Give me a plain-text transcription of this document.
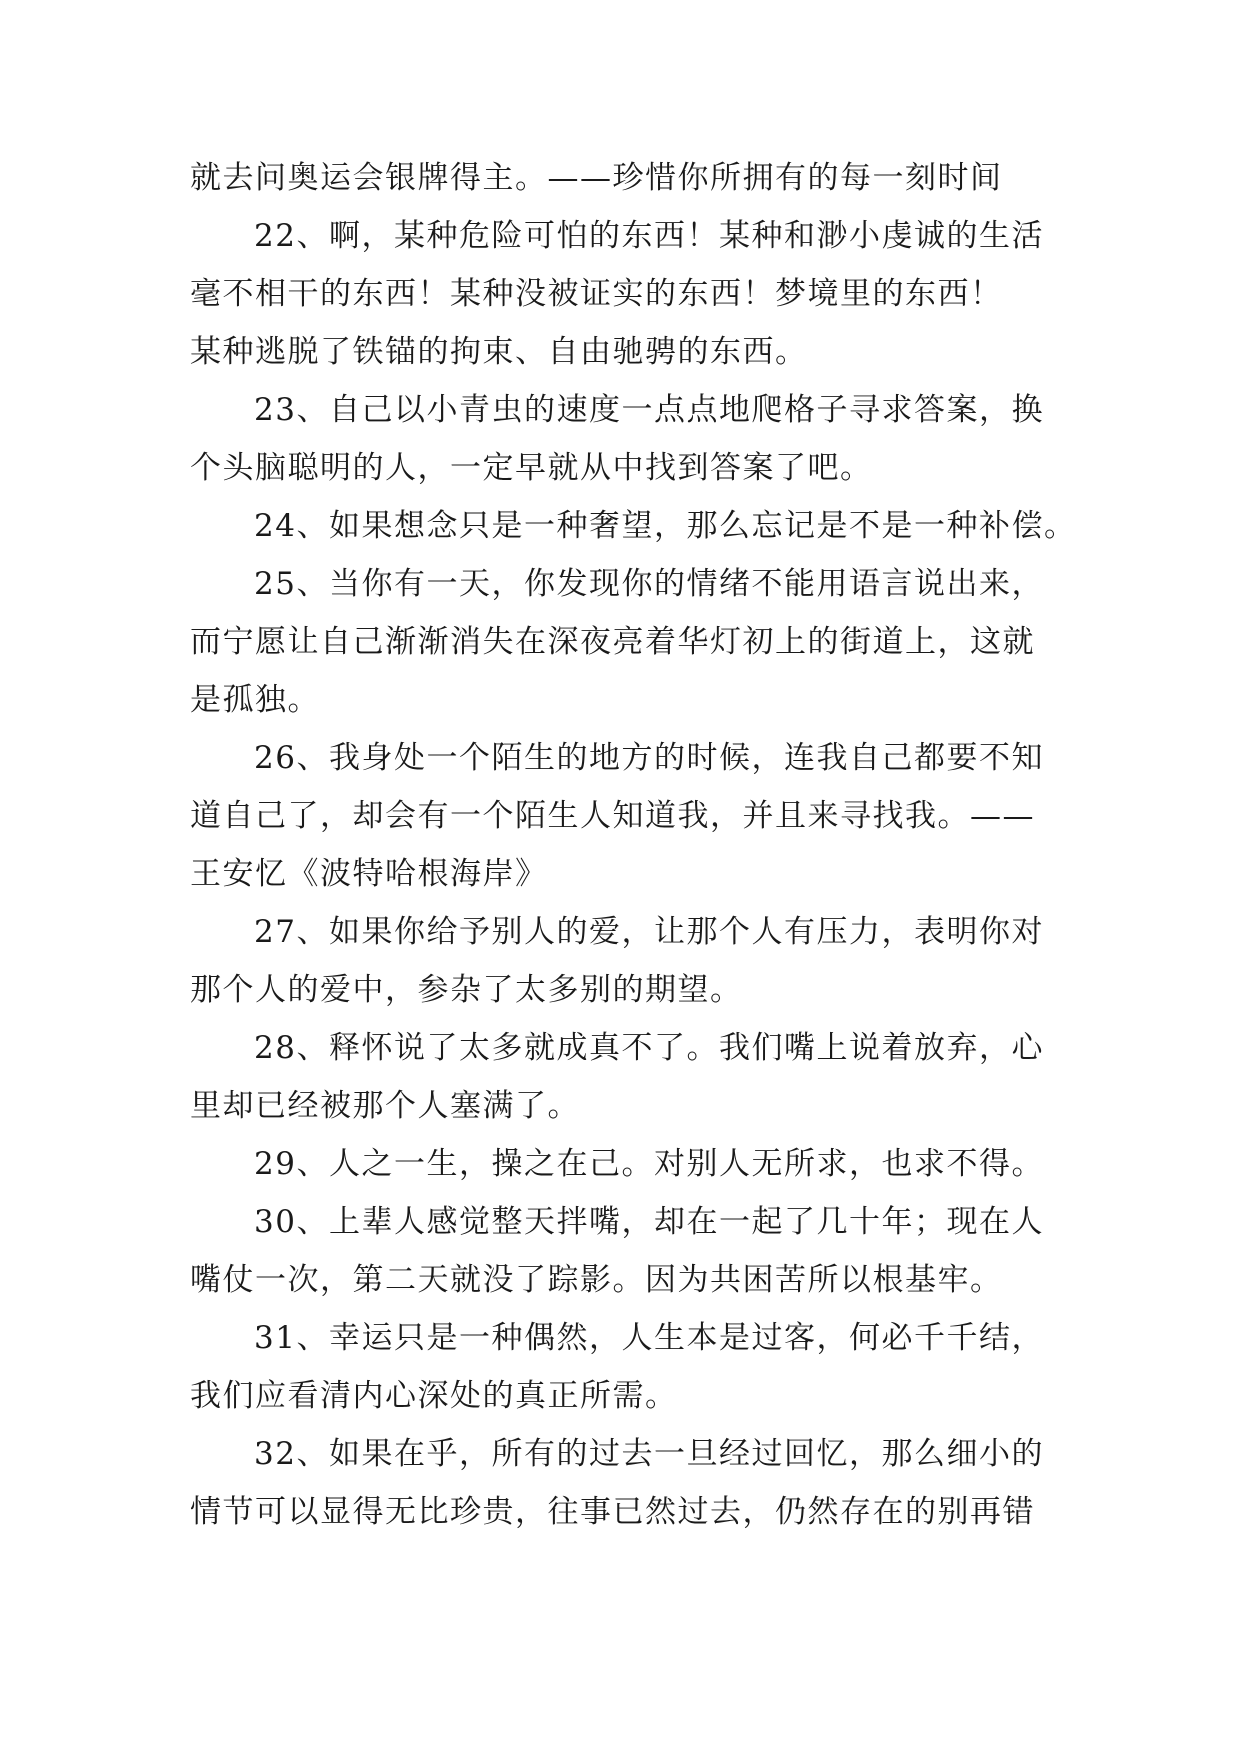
就去问奥运会银牌得主。——珍惜你所拥有的每一刻时间
22、啊，某种危险可怕的东西！某种和渺小虔诚的生活
毫不相干的东西！某种没被证实的东西！梦境里的东西！
某种逃脱了铁锚的拘束、自由驰骋的东西。
23、自己以小青虫的速度一点点地爬格子寻求答案，换
个头脑聪明的人，一定早就从中找到答案了吧。
24、如果想念只是一种奢望，那么忘记是不是一种补偿。
25、当你有一天，你发现你的情绪不能用语言说出来，
而宁愿让自己渐渐消失在深夜亮着华灯初上的街道上，这就
是孤独。
26、我身处一个陌生的地方的时候，连我自己都要不知
道自己了，却会有一个陌生人知道我，并且来寻找我。——
王安忆《波特哈根海岸》
27、如果你给予别人的爱，让那个人有压力，表明你对
那个人的爱中，参杂了太多别的期望。
28、释怀说了太多就成真不了。我们嘴上说着放弃，心
里却已经被那个人塞满了。
29、人之一生，操之在己。对别人无所求，也求不得。
30、上辈人感觉整天拌嘴，却在一起了几十年；现在人
嘴仗一次，第二天就没了踪影。因为共困苦所以根基牢。
31、幸运只是一种偶然，人生本是过客，何必千千结，
我们应看清内心深处的真正所需。
32、如果在乎，所有的过去一旦经过回忆，那么细小的
情节可以显得无比珍贵，往事已然过去，仍然存在的别再错
